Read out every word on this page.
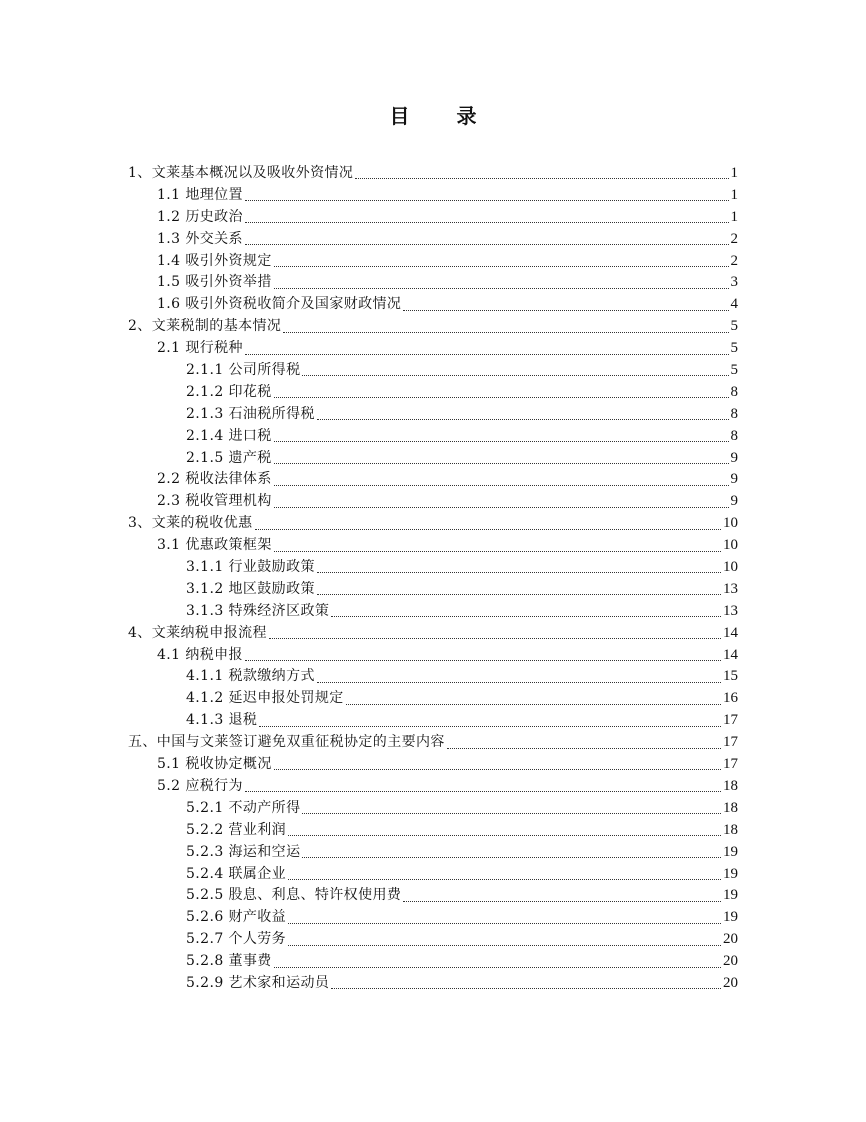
目 录
1、文莱基本概况以及吸收外资情况	1
1.1 地理位置	1
1.2 历史政治	1
1.3 外交关系	2
1.4 吸引外资规定	2
1.5 吸引外资举措	3
1.6 吸引外资税收简介及国家财政情况	4
2、文莱税制的基本情况	5
2.1 现行税种	5
2.1.1 公司所得税	5
2.1.2 印花税	8
2.1.3 石油税所得税	8
2.1.4 进口税	8
2.1.5 遗产税	9
2.2 税收法律体系	9
2.3 税收管理机构	9
3、文莱的税收优惠	10
3.1 优惠政策框架	10
3.1.1 行业鼓励政策	10
3.1.2 地区鼓励政策	13
3.1.3 特殊经济区政策	13
4、文莱纳税申报流程	14
4.1 纳税申报	14
4.1.1 税款缴纳方式	15
4.1.2 延迟申报处罚规定	16
4.1.3 退税	17
五、中国与文莱签订避免双重征税协定的主要内容	17
5.1 税收协定概况	17
5.2 应税行为	18
5.2.1 不动产所得	18
5.2.2 营业利润	18
5.2.3 海运和空运	19
5.2.4 联属企业	19
5.2.5 股息、利息、特许权使用费	19
5.2.6 财产收益	19
5.2.7 个人劳务	20
5.2.8 董事费	20
5.2.9 艺术家和运动员	20
